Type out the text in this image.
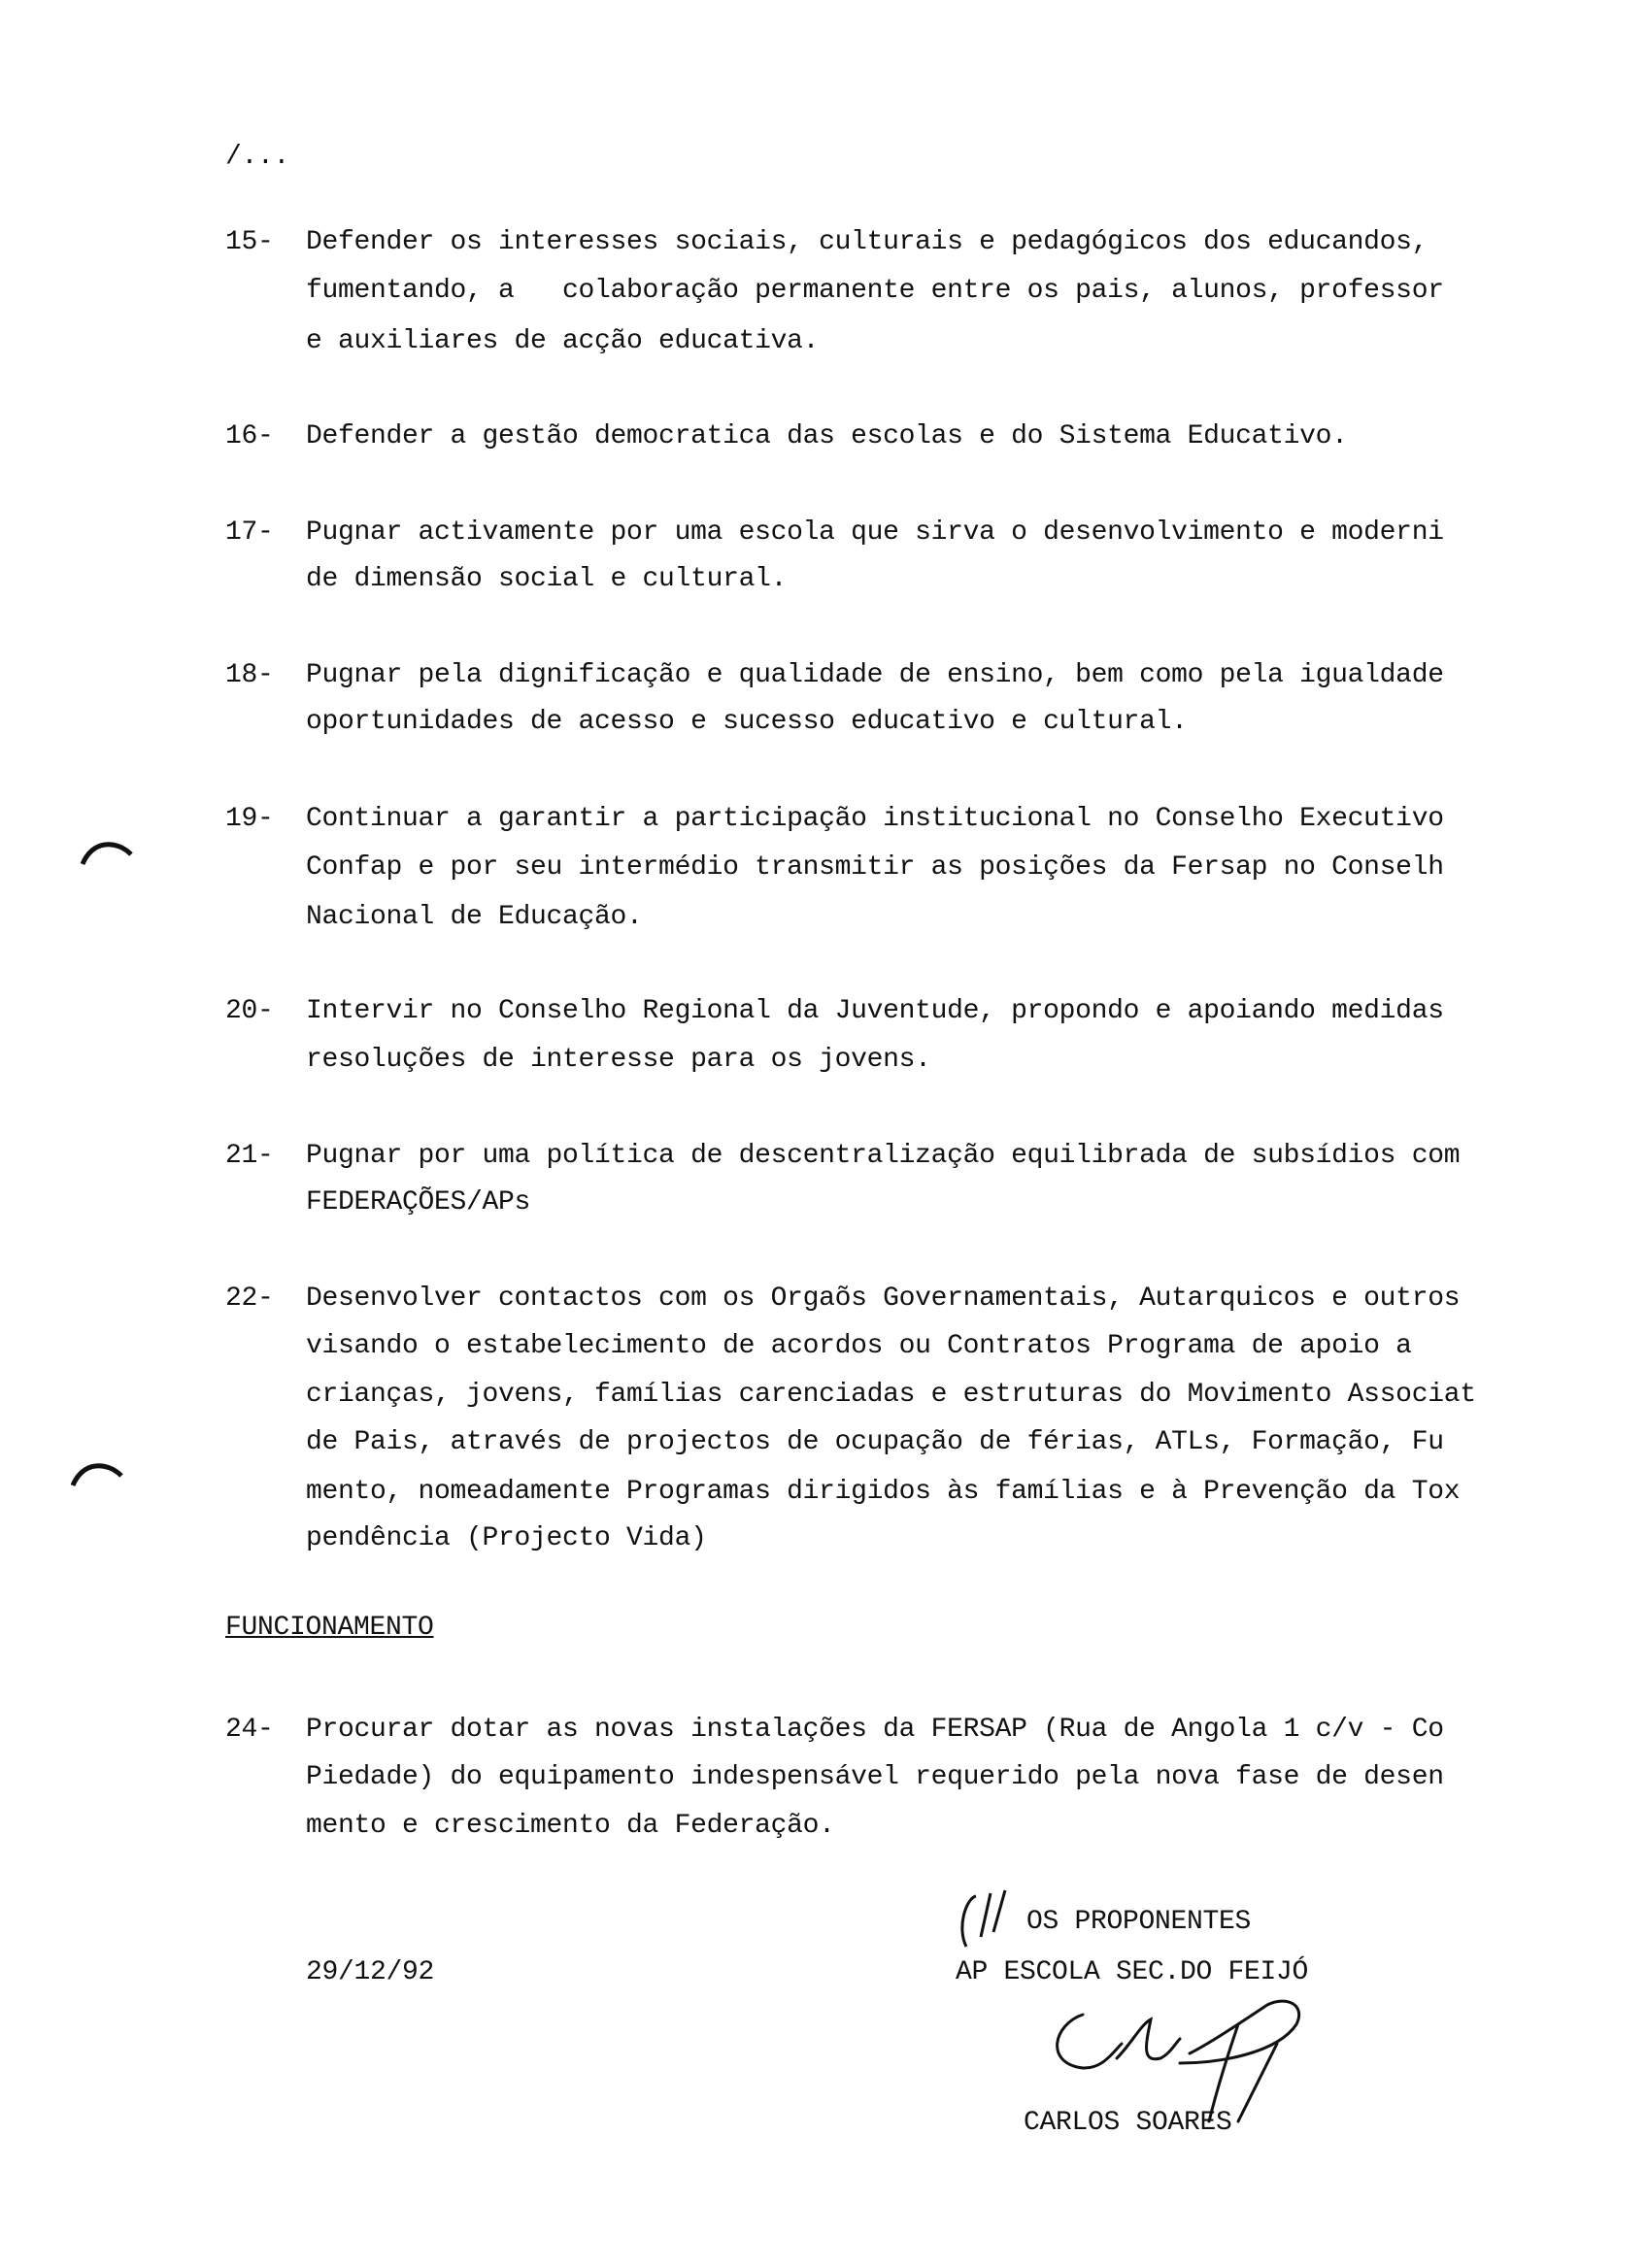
/...
FUNCIONAMENTO
29/12/92
OS PROPONENTES
AP ESCOLA SEC.DO FEIJÓ
CARLOS SOARES
15- Defender os interesses sociais, culturais e pedagógicos dos educandos,
fumentando, a   colaboração permanente entre os pais, alunos, professor
e auxiliares de acção educativa.
16- Defender a gestão democratica das escolas e do Sistema Educativo.
17- Pugnar activamente por uma escola que sirva o desenvolvimento e moderni
de dimensão social e cultural.
18- Pugnar pela dignificação e qualidade de ensino, bem como pela igualdade
oportunidades de acesso e sucesso educativo e cultural.
19- Continuar a garantir a participação institucional no Conselho Executivo
Confap e por seu intermédio transmitir as posições da Fersap no Conselh
Nacional de Educação.
20- Intervir no Conselho Regional da Juventude, propondo e apoiando medidas
resoluções de interesse para os jovens.
21- Pugnar por uma política de descentralização equilibrada de subsídios com
FEDERAÇÕES/APs
22- Desenvolver contactos com os Orgaõs Governamentais, Autarquicos e outros
visando o estabelecimento de acordos ou Contratos Programa de apoio a
crianças, jovens, famílias carenciadas e estruturas do Movimento Associat
de Pais, através de projectos de ocupação de férias, ATLs, Formação, Fu
mento, nomeadamente Programas dirigidos às famílias e à Prevenção da Tox
pendência (Projecto Vida)
24- Procurar dotar as novas instalações da FERSAP (Rua de Angola 1 c/v - Co
Piedade) do equipamento indespensável requerido pela nova fase de desen
mento e crescimento da Federação.
